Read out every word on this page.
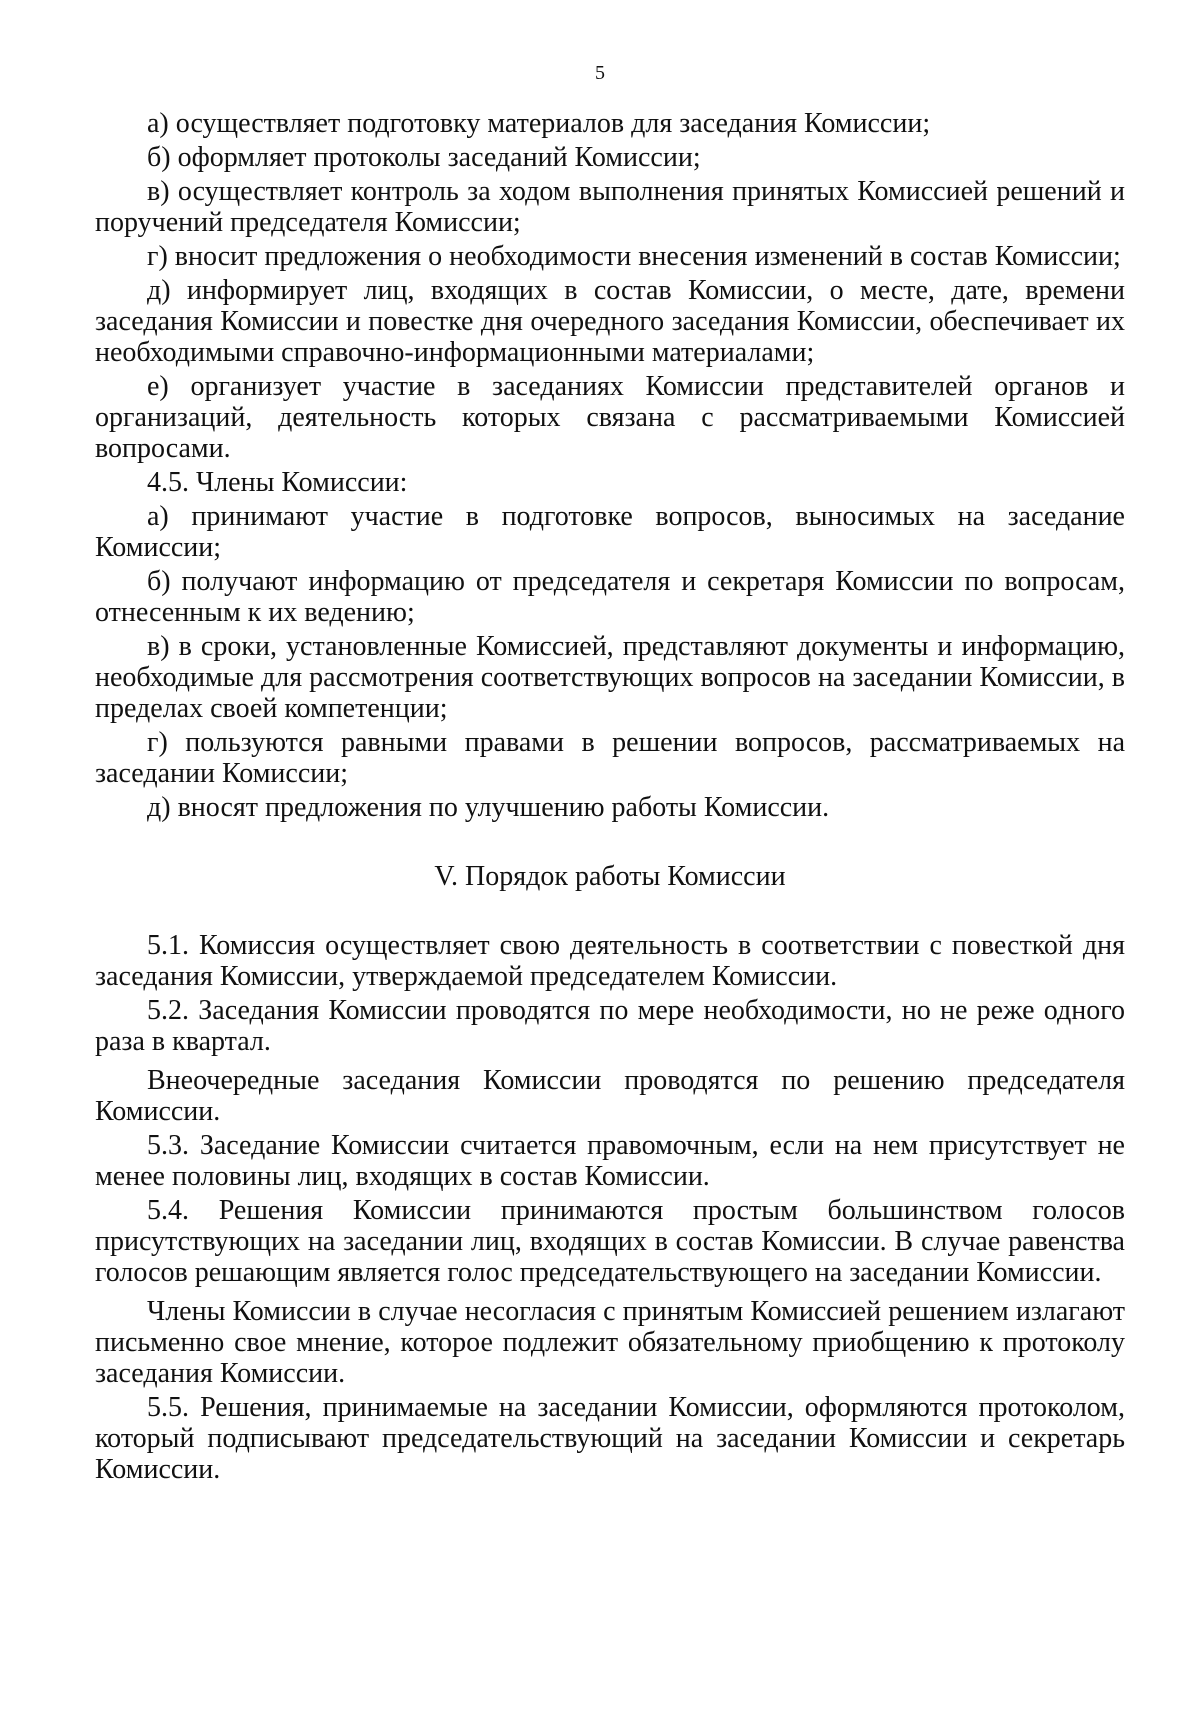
5

а) осуществляет подготовку материалов для заседания Комиссии;

б) оформляет протоколы заседаний Комиссии;

в) осуществляет контроль за ходом выполнения принятых Комиссией решений и поручений председателя Комиссии;

г) вносит предложения о необходимости внесения изменений в состав Комиссии;

д) информирует лиц, входящих в состав Комиссии, о месте, дате, времени заседания Комиссии и повестке дня очередного заседания Комиссии, обеспечивает их необходимыми справочно-информационными материалами;

е) организует участие в заседаниях Комиссии представителей органов и организаций, деятельность которых связана с рассматриваемыми Комиссией вопросами.

4.5. Члены Комиссии:

а) принимают участие в подготовке вопросов, выносимых на заседание Комиссии;

б) получают информацию от председателя и секретаря Комиссии по вопросам, отнесенным к их ведению;

в) в сроки, установленные Комиссией, представляют документы и информацию, необходимые для рассмотрения соответствующих вопросов на заседании Комиссии, в пределах своей компетенции;

г) пользуются равными правами в решении вопросов, рассматриваемых на заседании Комиссии;

д) вносят предложения по улучшению работы Комиссии.

V. Порядок работы Комиссии

5.1. Комиссия осуществляет свою деятельность в соответствии с повесткой дня заседания Комиссии, утверждаемой председателем Комиссии.

5.2. Заседания Комиссии проводятся по мере необходимости, но не реже одного раза в квартал.

Внеочередные заседания Комиссии проводятся по решению председателя Комиссии.

5.3. Заседание Комиссии считается правомочным, если на нем присутствует не менее половины лиц, входящих в состав Комиссии.

5.4. Решения Комиссии принимаются простым большинством голосов присутствующих на заседании лиц, входящих в состав Комиссии. В случае равенства голосов решающим является голос председательствующего на заседании Комиссии.

Члены Комиссии в случае несогласия с принятым Комиссией решением излагают письменно свое мнение, которое подлежит обязательному приобщению к протоколу заседания Комиссии.

5.5. Решения, принимаемые на заседании Комиссии, оформляются протоколом, который подписывают председательствующий на заседании Комиссии и секретарь Комиссии.
